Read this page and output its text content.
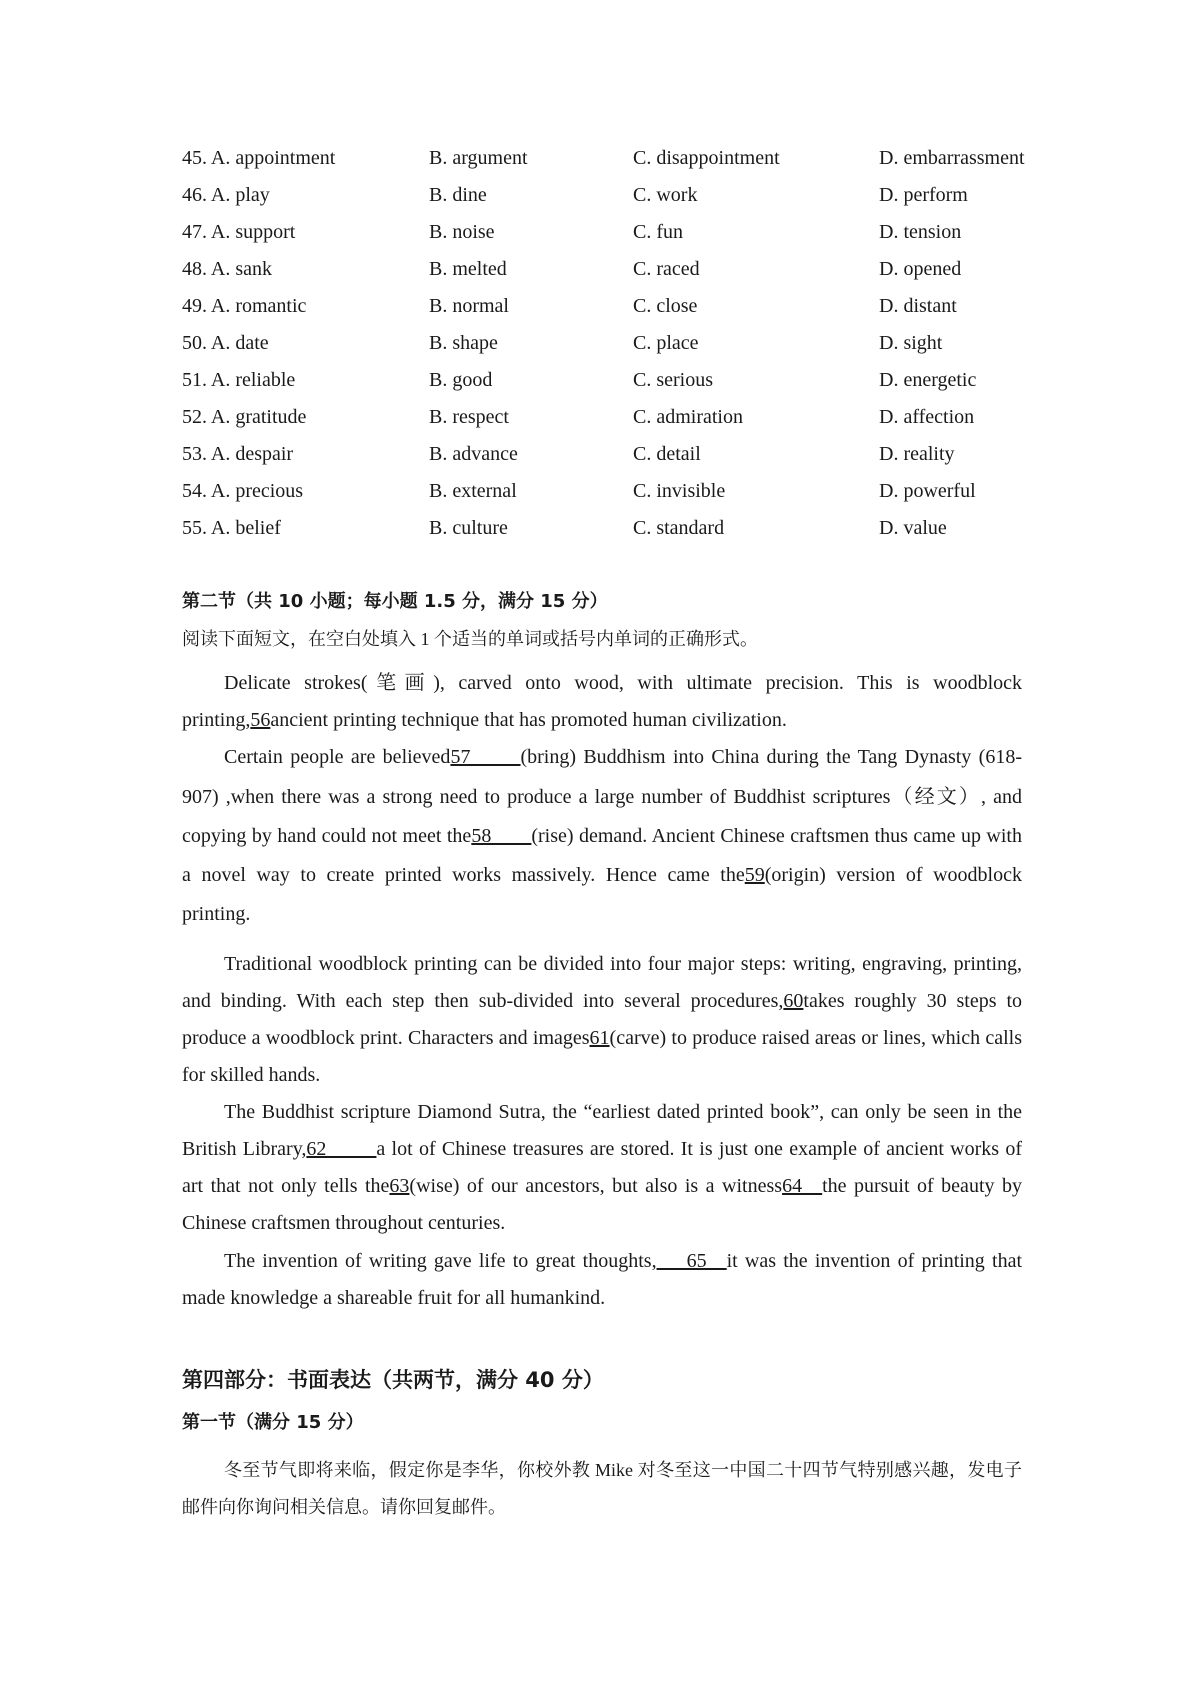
45. A. appointment	B. argument	C. disappointment	D. embarrassment
46. A. play	B. dine	C. work	D. perform
47. A. support	B. noise	C. fun	D. tension
48. A. sank	B. melted	C. raced	D. opened
49. A. romantic	B. normal	C. close	D. distant
50. A. date	B. shape	C. place	D. sight
51. A. reliable	B. good	C. serious	D. energetic
52. A. gratitude	B. respect	C. admiration	D. affection
53. A. despair	B. advance	C. detail	D. reality
54. A. precious	B. external	C. invisible	D. powerful
55. A. belief	B. culture	C. standard	D. value
第二节（共 10 小题；每小题 1.5 分，满分 15 分）
阅读下面短文，在空白处填入 1 个适当的单词或括号内单词的正确形式。
Delicate strokes(笔画), carved onto wood, with ultimate precision. This is woodblock printing,56ancient printing technique that has promoted human civilization.
Certain people are believed57_____(bring) Buddhism into China during the Tang Dynasty (618-907) ,when there was a strong need to produce a large number of Buddhist scriptures（经文）, and copying by hand could not meet the58____(rise) demand. Ancient Chinese craftsmen thus came up with a novel way to create printed works massively. Hence came the59(origin) version of woodblock printing.
Traditional woodblock printing can be divided into four major steps: writing, engraving, printing, and binding. With each step then sub-divided into several procedures,60takes roughly 30 steps to produce a woodblock print. Characters and images61(carve) to produce raised areas or lines, which calls for skilled hands.
The Buddhist scripture Diamond Sutra, the “earliest dated printed book”, can only be seen in the British Library,62_____a lot of Chinese treasures are stored. It is just one example of ancient works of art that not only tells the63(wise) of our ancestors, but also is a witness64__the pursuit of beauty by Chinese craftsmen throughout centuries.
The invention of writing gave life to great thoughts,___65__it was the invention of printing that made knowledge a shareable fruit for all humankind.
第四部分：书面表达（共两节，满分 40 分）
第一节（满分 15 分）
冬至节气即将来临，假定你是李华，你校外教 Mike 对冬至这一中国二十四节气特别感兴趣，发电子邮件向你询问相关信息。请你回复邮件。
